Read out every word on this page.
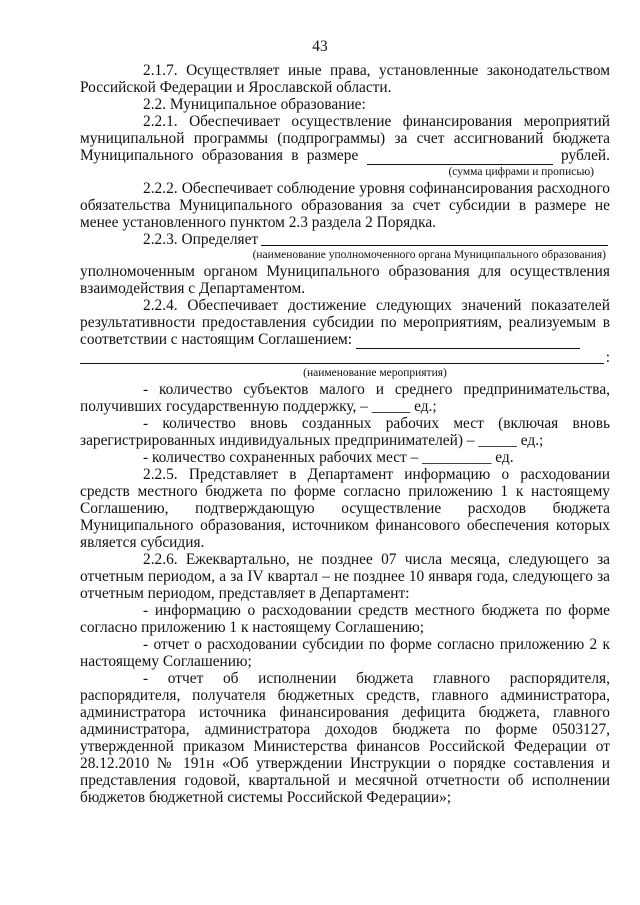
43

2.1.7. Осуществляет иные права, установленные законодательством Российской Федерации и Ярославской области.

2.2. Муниципальное образование:

2.2.1. Обеспечивает осуществление финансирования мероприятий муниципальной программы (подпрограммы) за счет ассигнований бюджета Муниципального образования в размере	рублей.

(сумма цифрами и прописью)

2.2.2. Обеспечивает соблюдение уровня софинансирования расходного обязательства Муниципального образования за счет субсидии в размере не менее установленного пунктом 2.3 раздела 2 Порядка.

2.2.3. Определяет
(наименование уполномоченного органа Муниципального образования)

уполномоченным органом Муниципального образования для осуществления взаимодействия с Департаментом.

2.2.4. Обеспечивает достижение следующих значений показателей результативности предоставления субсидии по мероприятиям, реализуемым в соответствии с настоящим Соглашением:

:
(наименование мероприятия)

- количество субъектов малого и среднего предпринимательства, получивших государственную поддержку, – _____ ед.;

- количество вновь созданных рабочих мест (включая вновь зарегистрированных индивидуальных предпринимателей) – _____ ед.;

- количество сохраненных рабочих мест – _________ ед.

2.2.5. Представляет в Департамент информацию о расходовании средств местного бюджета по форме согласно приложению 1 к настоящему Соглашению, подтверждающую осуществление расходов бюджета Муниципального образования, источником финансового обеспечения которых является субсидия.

2.2.6. Ежеквартально, не позднее 07 числа месяца, следующего за отчетным периодом, а за IV квартал – не позднее 10 января года, следующего за отчетным периодом, представляет в Департамент:

- информацию о расходовании средств местного бюджета по форме согласно приложению 1 к настоящему Соглашению;

- отчет о расходовании субсидии по форме согласно приложению 2 к настоящему Соглашению;

- отчет об исполнении бюджета главного распорядителя, распорядителя, получателя бюджетных средств, главного администратора, администратора источника финансирования дефицита бюджета, главного администратора, администратора доходов бюджета по форме 0503127, утвержденной приказом Министерства финансов Российской Федерации от 28.12.2010 № 191н «Об утверждении Инструкции о порядке составления и представления годовой, квартальной и месячной отчетности об исполнении бюджетов бюджетной системы Российской Федерации»;
